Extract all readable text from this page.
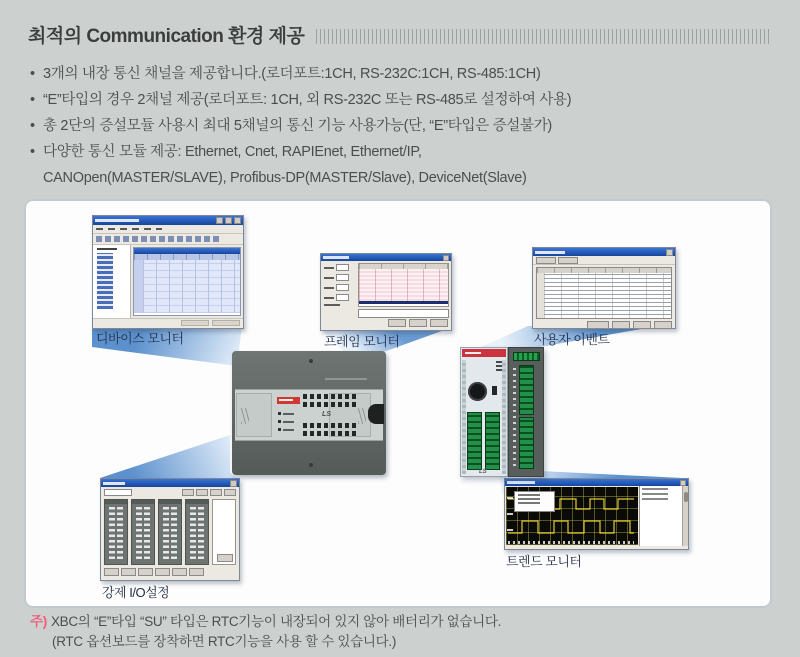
최적의 Communication 환경 제공
• 3개의 내장 통신 채널을 제공합니다.(로더포트:1CH, RS-232C:1CH, RS-485:1CH)
• “E”타입의 경우 2채널 제공(로더포트: 1CH, 외 RS-232C 또는 RS-485로 설정하여 사용)
• 총 2단의 증설모듈 사용시 최대 5채널의 통신 기능 사용가능(단, “E”타입은 증설불가)
• 다양한 통신 모듈 제공: Ethernet, Cnet, RAPIEnet, Ethernet/IP,
CANOpen(MASTER/SLAVE), Profibus-DP(MASTER/Slave), DeviceNet(Slave)
LS
LS
디바이스 모니터	프레임 모니터	사용자 이벤트
강제 I/O설정
트렌드 모니터
주) XBC의 “E”타입 “SU” 타입은 RTC기능이 내장되어 있지 않아 배터리가 없습니다.
(RTC 옵션보드를 장착하면 RTC기능을 사용 할 수 있습니다.)
